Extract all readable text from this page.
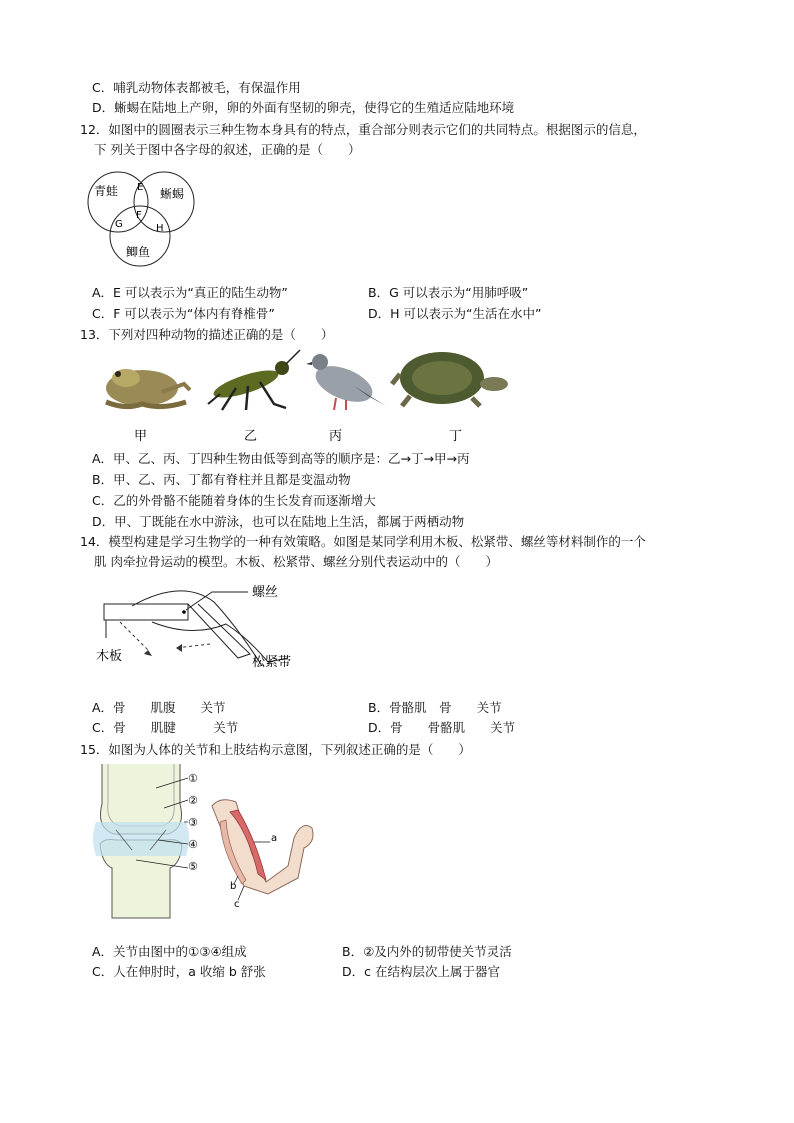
C．哺乳动物体表都被毛，有保温作用
D．蜥蜴在陆地上产卵，卵的外面有坚韧的卵壳，使得它的生殖适应陆地环境
12．如图中的圆圈表示三种生物本身具有的特点，重合部分则表示它们的共同特点。根据图示的信息，
下 列关于图中各字母的叙述，正确的是（　　）
青蛙	蜥蜴
鲫鱼
E
F
G	H
A．E 可以表示为“真正的陆生动物”	B．G 可以表示为“用肺呼吸”
C．F 可以表示为“体内有脊椎骨”	D．H 可以表示为“生活在水中”
13．下列对四种动物的描述正确的是（　　）
甲	乙	丙	丁
A．甲、乙、丙、丁四种生物由低等到高等的顺序是：乙→丁→甲→丙
B．甲、乙、丙、丁都有脊柱并且都是变温动物
C．乙的外骨骼不能随着身体的生长发育而逐渐增大
D．甲、丁既能在水中游泳，也可以在陆地上生活，都属于两栖动物
14．模型构建是学习生物学的一种有效策略。如图是某同学利用木板、松紧带、螺丝等材料制作的一个
肌 肉牵拉骨运动的模型。木板、松紧带、螺丝分别代表运动中的（　　）
螺丝
木板	松紧带
A．骨　　肌腹　　关节	B．骨骼肌　骨　　关节
C．骨　　肌腱　　　关节	D．骨　　骨骼肌　　关节
15．如图为人体的关节和上肢结构示意图，下列叙述正确的是（　　）
①
②
③
④
⑤
a
b
c
A．关节由图中的①③④组成	B．②及内外的韧带使关节灵活
C．人在伸肘时，a 收缩 b 舒张	D．c 在结构层次上属于器官
